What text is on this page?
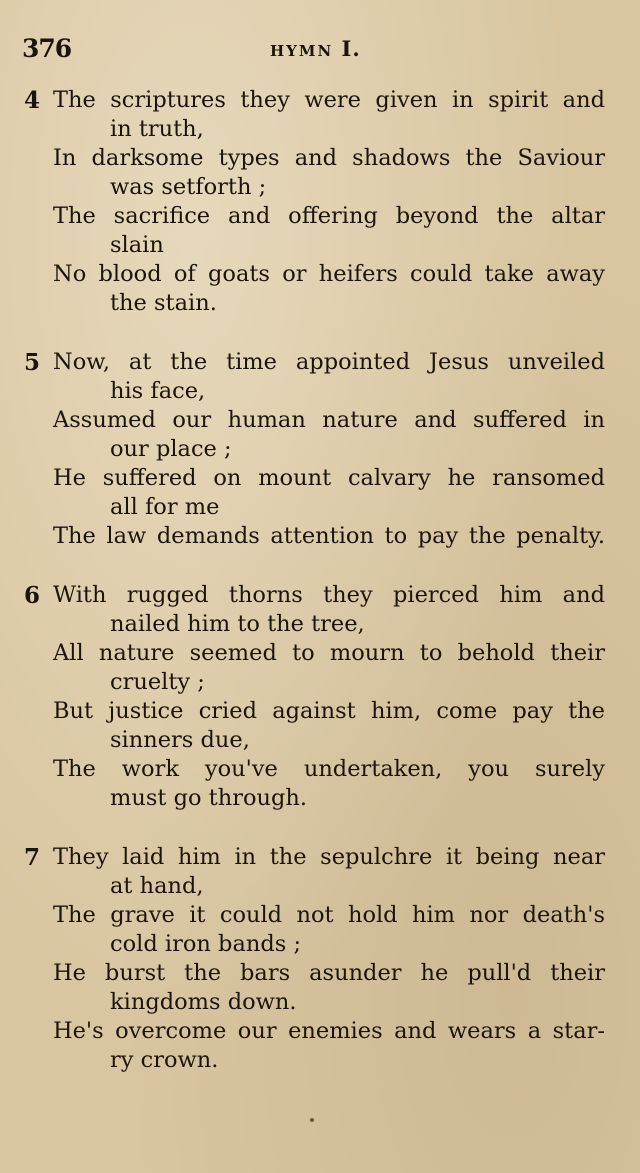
376	HYMN I.
4 The scriptures they were given in spirit and
in truth,
In darksome types and shadows the Saviour
was setforth ;
The sacrifice and offering beyond the altar
slain
No blood of goats or heifers could take away
the stain.
5 Now, at the time appointed Jesus unveiled
his face,
Assumed our human nature and suffered in
our place ;
He suffered on mount calvary he ransomed
all for me
The law demands attention to pay the penalty.
6 With rugged thorns they pierced him and
nailed him to the tree,
All nature seemed to mourn to behold their
cruelty ;
But justice cried against him, come pay the
sinners due,
The work you've undertaken, you surely
must go through.
7 They laid him in the sepulchre it being near
at hand,
The grave it could not hold him nor death's
cold iron bands ;
He burst the bars asunder he pull'd their
kingdoms down.
He's overcome our enemies and wears a star-
ry crown.
